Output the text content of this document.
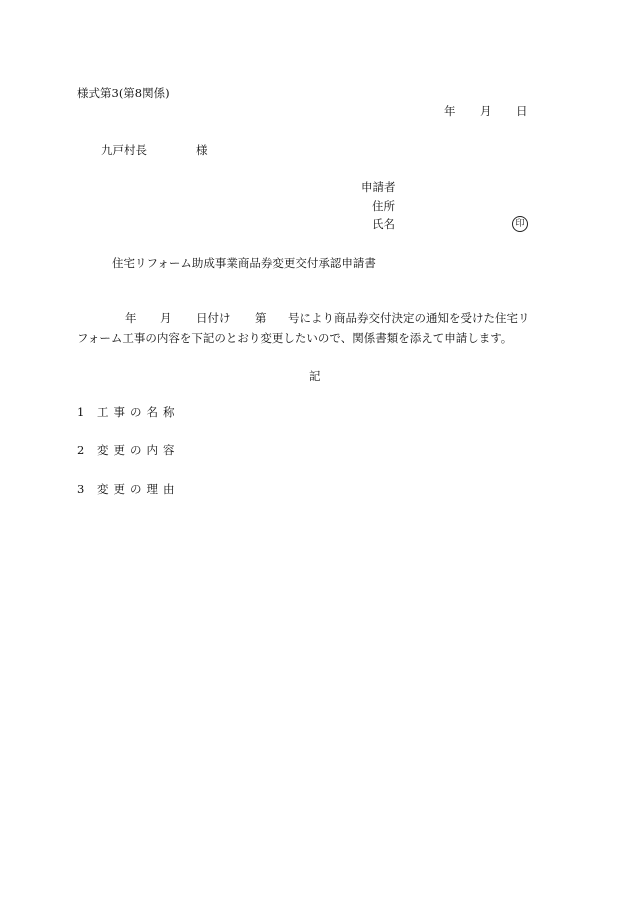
様式第3(第8関係)
年 月 日
九戸村長	様
申請者
住所
氏名	印
住宅リフォーム助成事業商品券変更交付承認申請書
年 月 日付け 第 号により商品券交付決定の通知を受けた住宅リ
フォーム工事の内容を下記のとおり変更したいので、関係書類を添えて申請します。
記
1 工事の名称
2 変更の内容
3 変更の理由
